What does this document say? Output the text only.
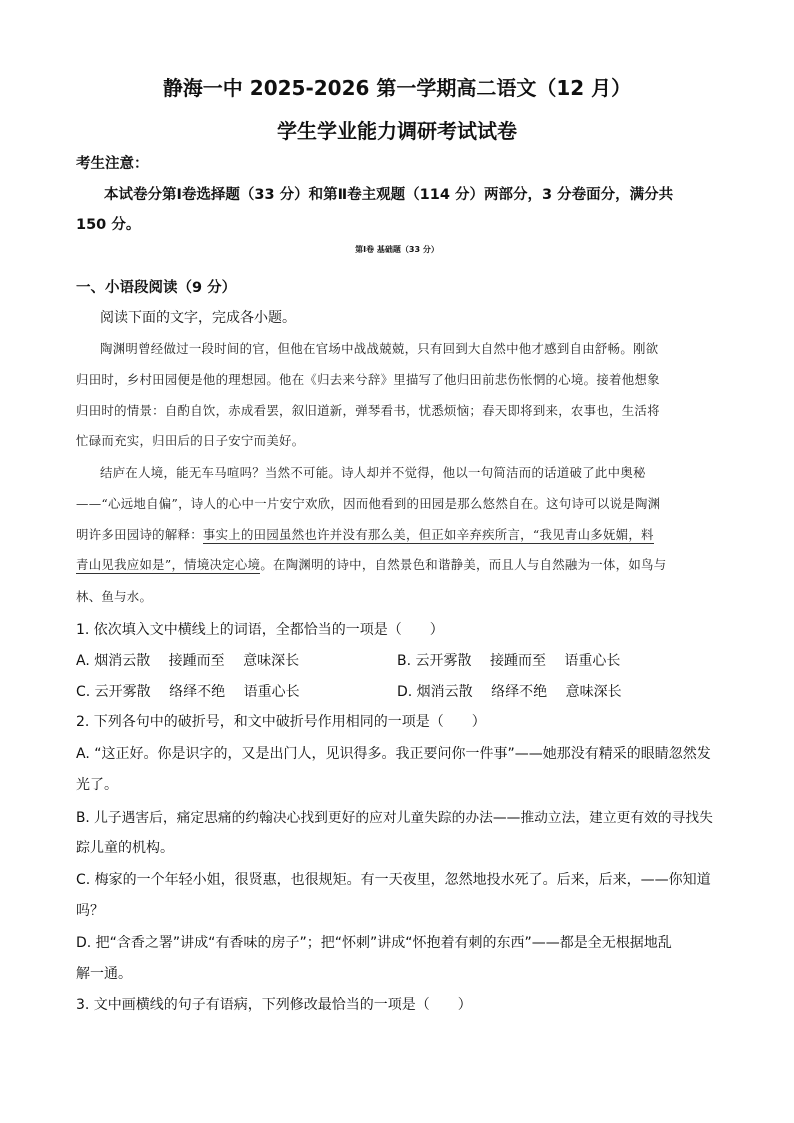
静海一中 2025-2026 第一学期高二语文（12 月）
学生学业能力调研考试试卷
考生注意：
本试卷分第Ⅰ卷选择题（33 分）和第Ⅱ卷主观题（114 分）两部分，3 分卷面分，满分共
150 分。
第Ⅰ卷 基础题（33 分）
一、小语段阅读（9 分）
阅读下面的文字，完成各小题。
陶渊明曾经做过一段时间的官，但他在官场中战战兢兢，只有回到大自然中他才感到自由舒畅。刚欲
归田时，乡村田园便是他的理想园。他在《归去来兮辞》里描写了他归田前悲伤怅惘的心境。接着他想象
归田时的情景：自酌自饮，赤成看罢，叙旧道新，弹琴看书，忧悉烦恼；春天即将到来，农事也，生活将
忙碌而充实，归田后的日子安宁而美好。
结庐在人境，能无车马喧吗？当然不可能。诗人却并不觉得，他以一句简洁而的话道破了此中奥秘
——“心远地自偏”，诗人的心中一片安宁欢欣，因而他看到的田园是那么悠然自在。这句诗可以说是陶渊
明许多田园诗的解释：事实上的田园虽然也许并没有那么美，但正如辛弃疾所言，“我见青山多妩媚，料
青山见我应如是”，情境决定心境。在陶渊明的诗中，自然景色和谐静美，而且人与自然融为一体，如鸟与
林、鱼与水。
1. 依次填入文中横线上的词语，全都恰当的一项是（　　）
A. 烟消云散　 接踵而至　 意味深长	B. 云开雾散　 接踵而至　 语重心长
C. 云开雾散　 络绎不绝　 语重心长	D. 烟消云散　 络绎不绝　 意味深长
2. 下列各句中的破折号，和文中破折号作用相同的一项是（　　）
A. “这正好。你是识字的，又是出门人，见识得多。我正要问你一件事”——她那没有精采的眼睛忽然发
光了。
B. 儿子遇害后，痛定思痛的约翰决心找到更好的应对儿童失踪的办法——推动立法，建立更有效的寻找失
踪儿童的机构。
C. 梅家的一个年轻小姐，很贤惠，也很规矩。有一天夜里，忽然地投水死了。后来，后来，——你知道
吗？
D. 把“含香之署”讲成“有香味的房子”；把“怀刺”讲成“怀抱着有刺的东西”——都是全无根据地乱
解一通。
3. 文中画横线的句子有语病，下列修改最恰当的一项是（　　）
